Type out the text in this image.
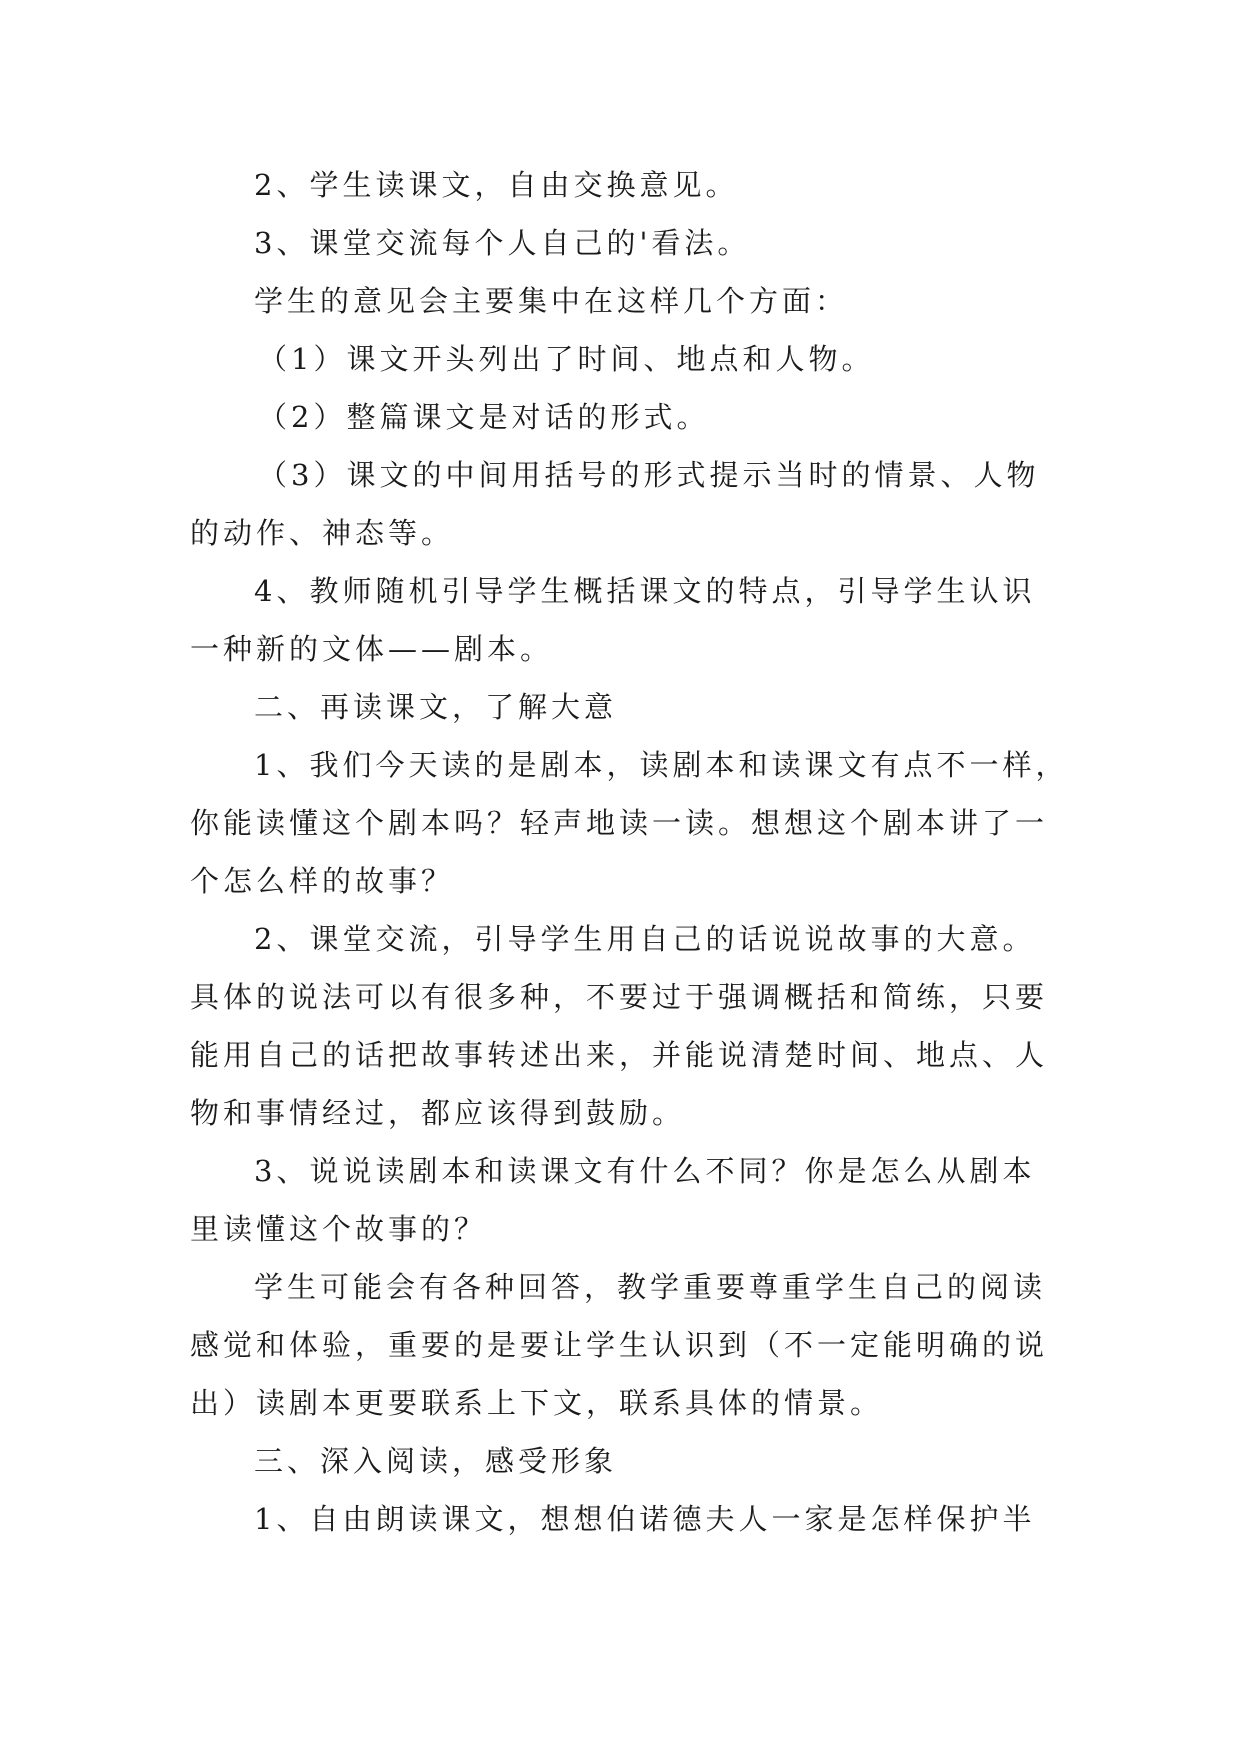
2、学生读课文，自由交换意见。
3、课堂交流每个人自己的'看法。
学生的意见会主要集中在这样几个方面：
（1）课文开头列出了时间、地点和人物。
（2）整篇课文是对话的形式。
（3）课文的中间用括号的形式提示当时的情景、人物
的动作、神态等。
4、教师随机引导学生概括课文的特点，引导学生认识
一种新的文体——剧本。
二、再读课文，了解大意
1、我们今天读的是剧本，读剧本和读课文有点不一样，
你能读懂这个剧本吗？轻声地读一读。想想这个剧本讲了一
个怎么样的故事？
2、课堂交流，引导学生用自己的话说说故事的大意。
具体的说法可以有很多种，不要过于强调概括和简练，只要
能用自己的话把故事转述出来，并能说清楚时间、地点、人
物和事情经过，都应该得到鼓励。
3、说说读剧本和读课文有什么不同？你是怎么从剧本
里读懂这个故事的？
学生可能会有各种回答，教学重要尊重学生自己的阅读
感觉和体验，重要的是要让学生认识到（不一定能明确的说
出）读剧本更要联系上下文，联系具体的情景。
三、深入阅读，感受形象
1、自由朗读课文，想想伯诺德夫人一家是怎样保护半
